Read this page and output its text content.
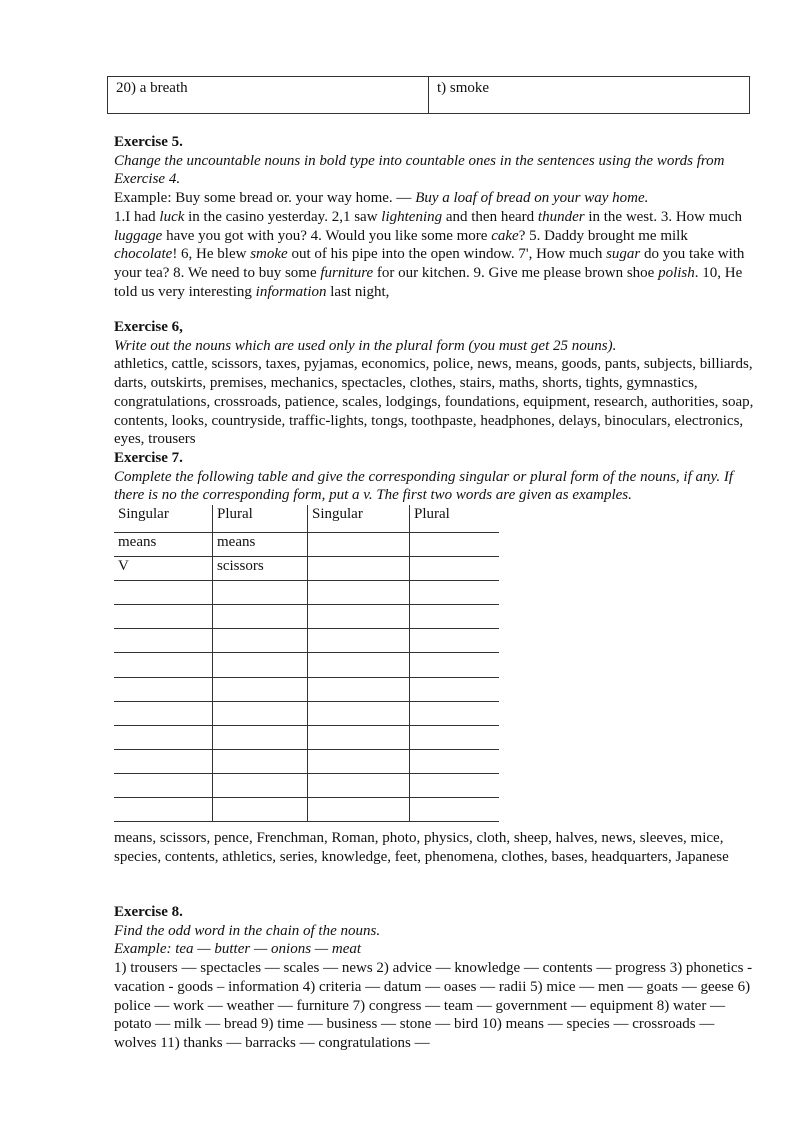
20) a breath	t) smoke

Exercise 5.

Change the uncountable nouns in bold type into countable ones in the sentences using the words from Exercise 4.

Example: Buy some bread or. your way home. — Buy a loaf of bread on your way home.

1.I had luck in the casino yesterday. 2,1 saw lightening and then heard thunder in the west. 3. How much luggage have you got with you? 4. Would you like some more cake? 5. Daddy brought me milk chocolate! 6, He blew smoke out of his pipe into the open window. 7', How much sugar do you take with your tea? 8. We need to buy some furniture for our kitchen. 9. Give me please brown shoe polish. 10, He told us very interesting information last night,

Exercise 6,

Write out the nouns which are used only in the plural form (you must get 25 nouns).

athletics, cattle, scissors, taxes, pyjamas, economics, police, news, means, goods, pants, subjects, billiards, darts, outskirts, premises, mechanics, spectacles, clothes, stairs, maths, shorts, tights, gymnastics, congratulations, crossroads, patience, scales, lodgings, foundations, equipment, research, authorities, soap, contents, looks, countryside, traffic-lights, tongs, toothpaste, headphones, delays, binoculars, electronics, eyes, trousers

Exercise 7.

Complete the following table and give the corresponding singular or plural form of the nouns, if any. If there is no the corresponding form, put a v. The first two words are given as examples.

Singular	Plural	Singular	Plural
means	means		
V	scissors		

means, scissors, pence, Frenchman, Roman, photo, physics, cloth, sheep, halves, news, sleeves, mice, species, contents, athletics, series, knowledge, feet, phenomena, clothes, bases, headquarters, Japanese

Exercise 8.

Find the odd word in the chain of the nouns.

Example: tea — butter — onions — meat

1) trousers — spectacles — scales — news 2) advice — knowledge — contents — progress 3) phonetics - vacation - goods – information 4) criteria — datum — oases — radii 5) mice — men — goats — geese 6) police — work — weather — furniture 7) congress — team — government — equipment 8) water — potato — milk — bread 9) time — business — stone — bird 10) means — species — crossroads — wolves 11) thanks — barracks — congratulations —
